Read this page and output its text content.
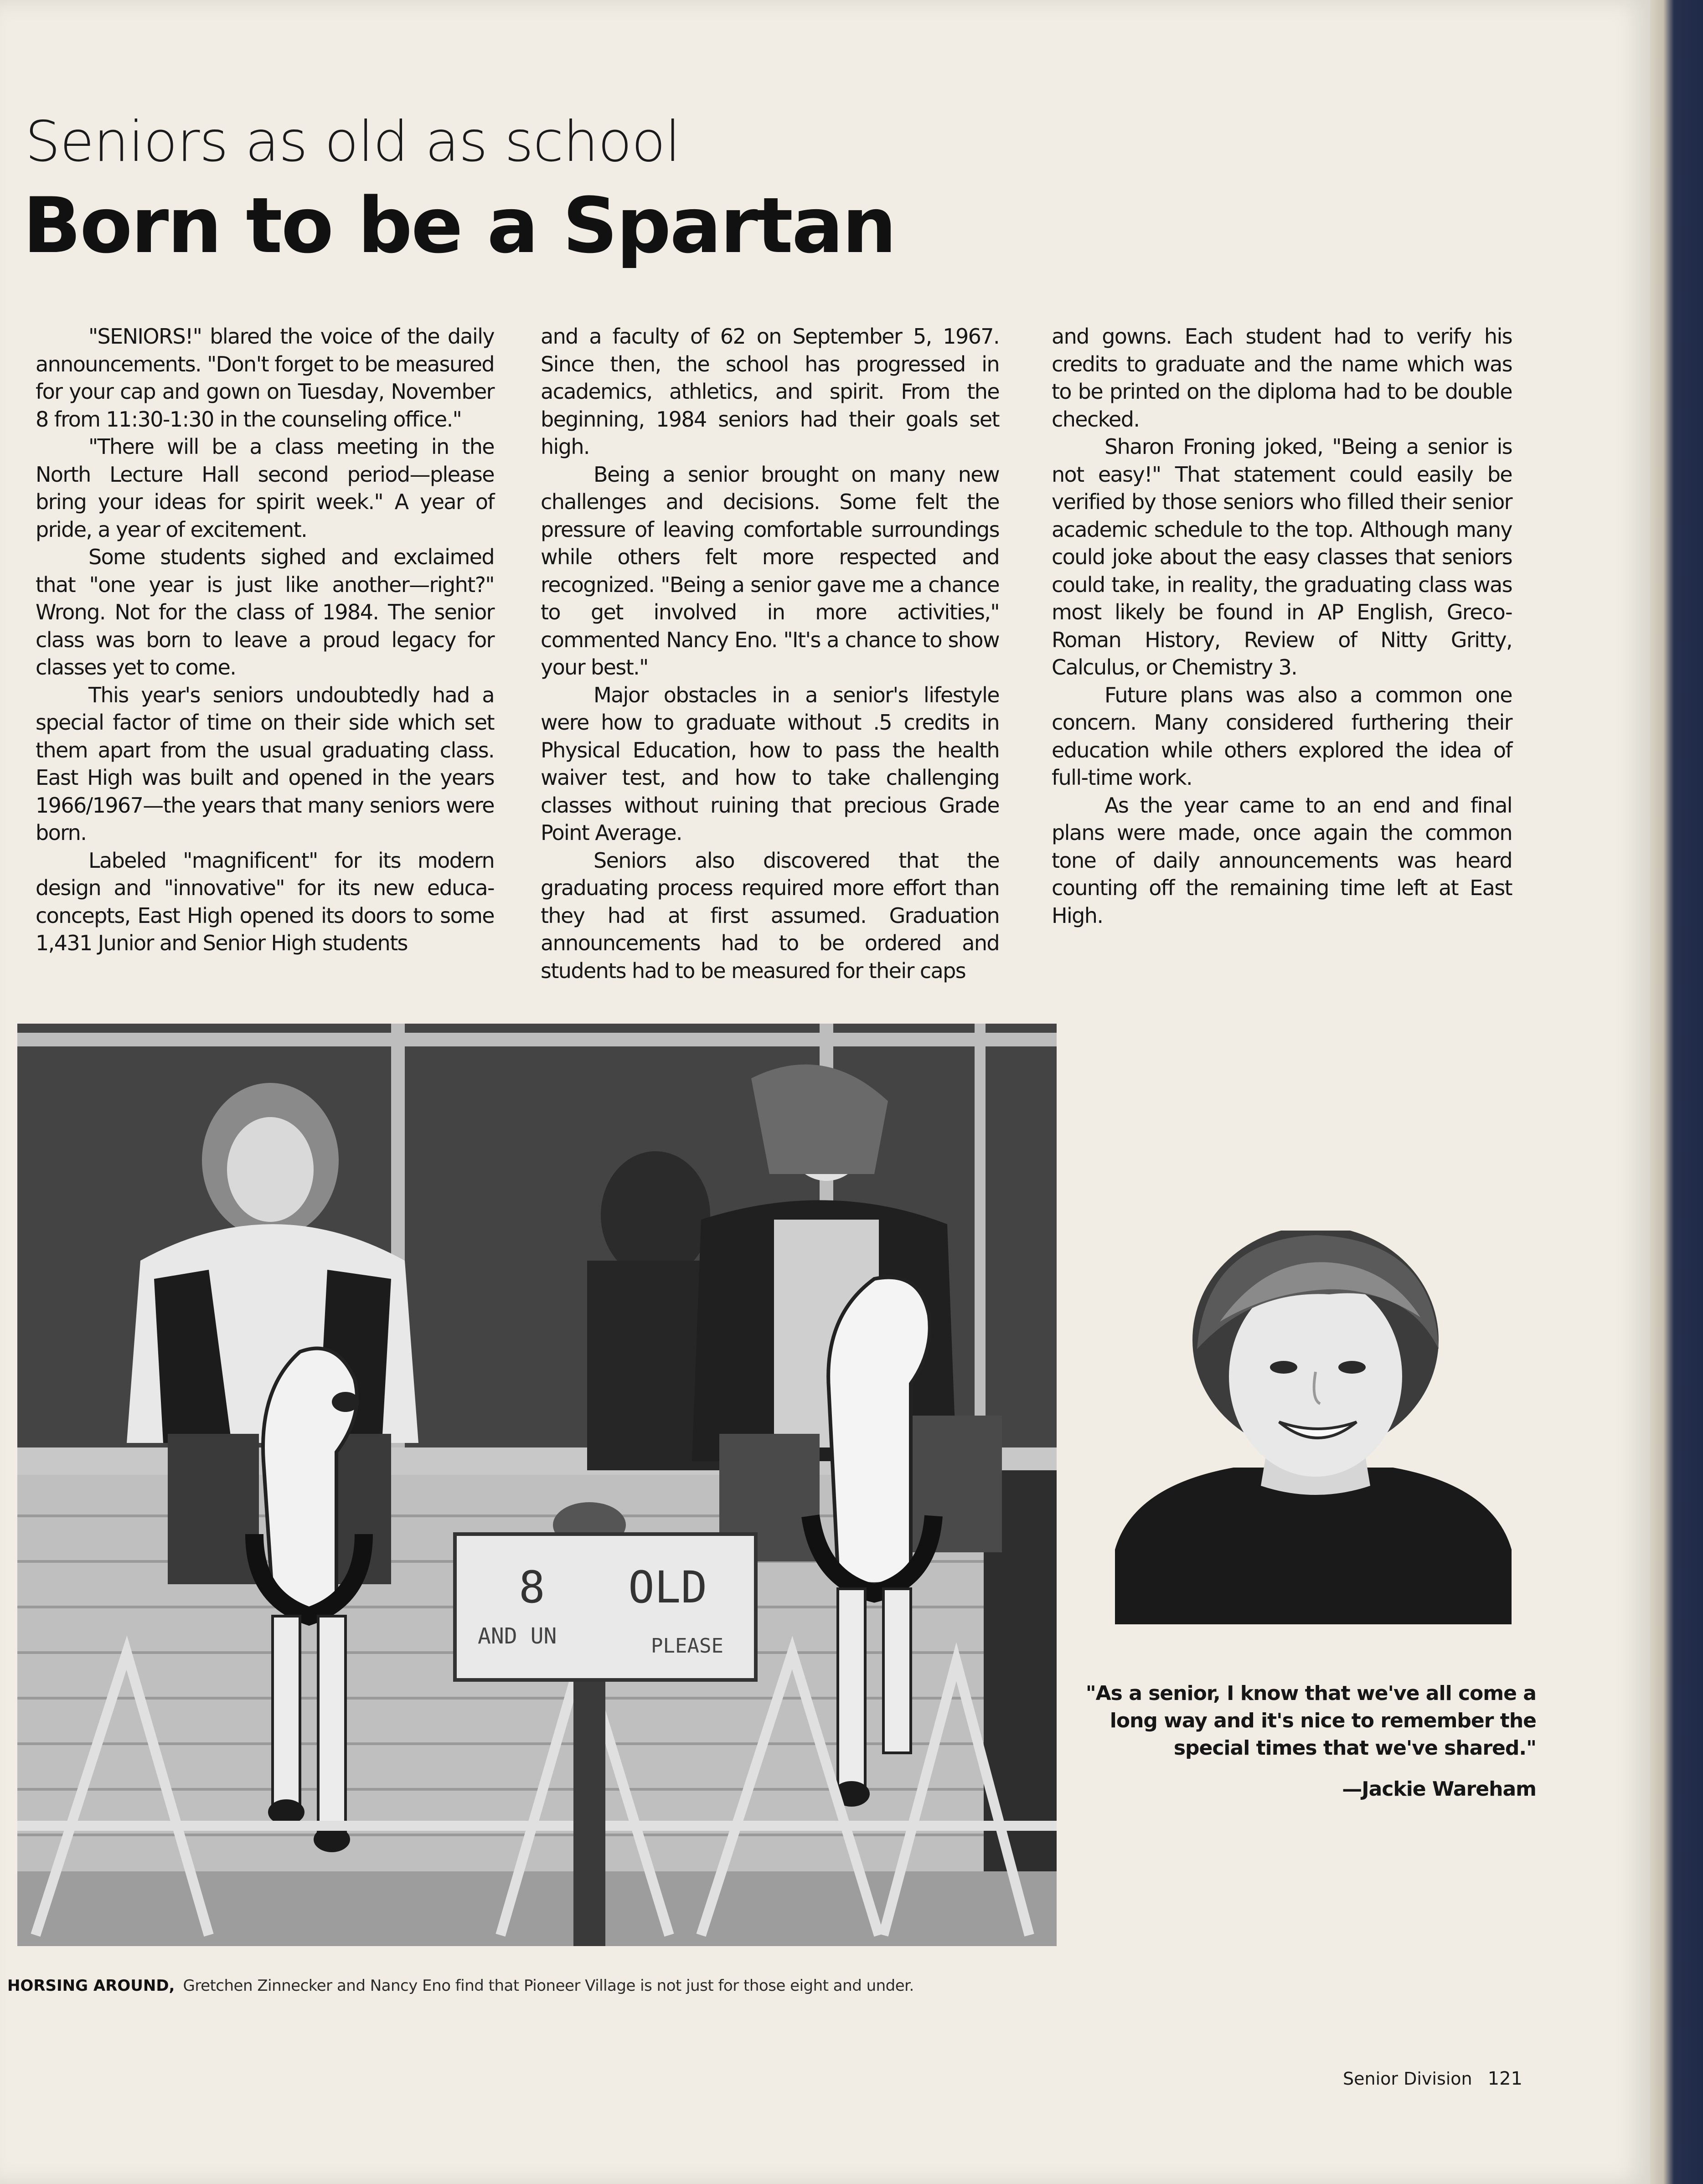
Seniors as old as school
Born to be a Spartan

"SENIORS!" blared the voice of the daily announcements. "Don't forget to be measured for your cap and gown on Tuesday, November 8 from 11:30-1:30 in the counseling office."

"There will be a class meeting in the North Lecture Hall second period—please bring your ideas for spirit week." A year of pride, a year of excitement.

Some students sighed and exclaimed that "one year is just like another—right?" Wrong. Not for the class of 1984. The senior class was born to leave a proud legacy for classes yet to come.

This year's seniors undoubtedly had a special factor of time on their side which set them apart from the usual graduating class. East High was built and opened in the years 1966/1967—the years that many seniors were born.

Labeled "magnificent" for its modern design and "innovative" for its new educa-concepts, East High opened its doors to some 1,431 Junior and Senior High students

and a faculty of 62 on September 5, 1967. Since then, the school has progressed in academics, athletics, and spirit. From the beginning, 1984 seniors had their goals set high.

Being a senior brought on many new challenges and decisions. Some felt the pressure of leaving comfortable surroundings while others felt more respected and recognized. "Being a senior gave me a chance to get involved in more activities," commented Nancy Eno. "It's a chance to show your best."

Major obstacles in a senior's lifestyle were how to graduate without .5 credits in Physical Education, how to pass the health waiver test, and how to take challenging classes without ruining that precious Grade Point Average.

Seniors also discovered that the graduating process required more effort than they had at first assumed. Graduation announcements had to be ordered and students had to be measured for their caps

and gowns. Each student had to verify his credits to graduate and the name which was to be printed on the diploma had to be double checked.

Sharon Froning joked, "Being a senior is not easy!" That statement could easily be verified by those seniors who filled their senior academic schedule to the top. Although many could joke about the easy classes that seniors could take, in reality, the graduating class was most likely be found in AP English, Greco-Roman History, Review of Nitty Gritty, Calculus, or Chemistry 3.

Future plans was also a common one concern. Many considered furthering their education while others explored the idea of full-time work.

As the year came to an end and final plans were made, once again the common tone of daily announcements was heard counting off the remaining time left at East High.

8 OLD
AND UN	PLEASE
HORSING AROUND, Gretchen Zinnecker and Nancy Eno find that Pioneer Village is not just for those eight and under.
"As a senior, I know that we've all come a long way and it's nice to remember the special times that we've shared."
—Jackie Wareham
Senior Division 121
